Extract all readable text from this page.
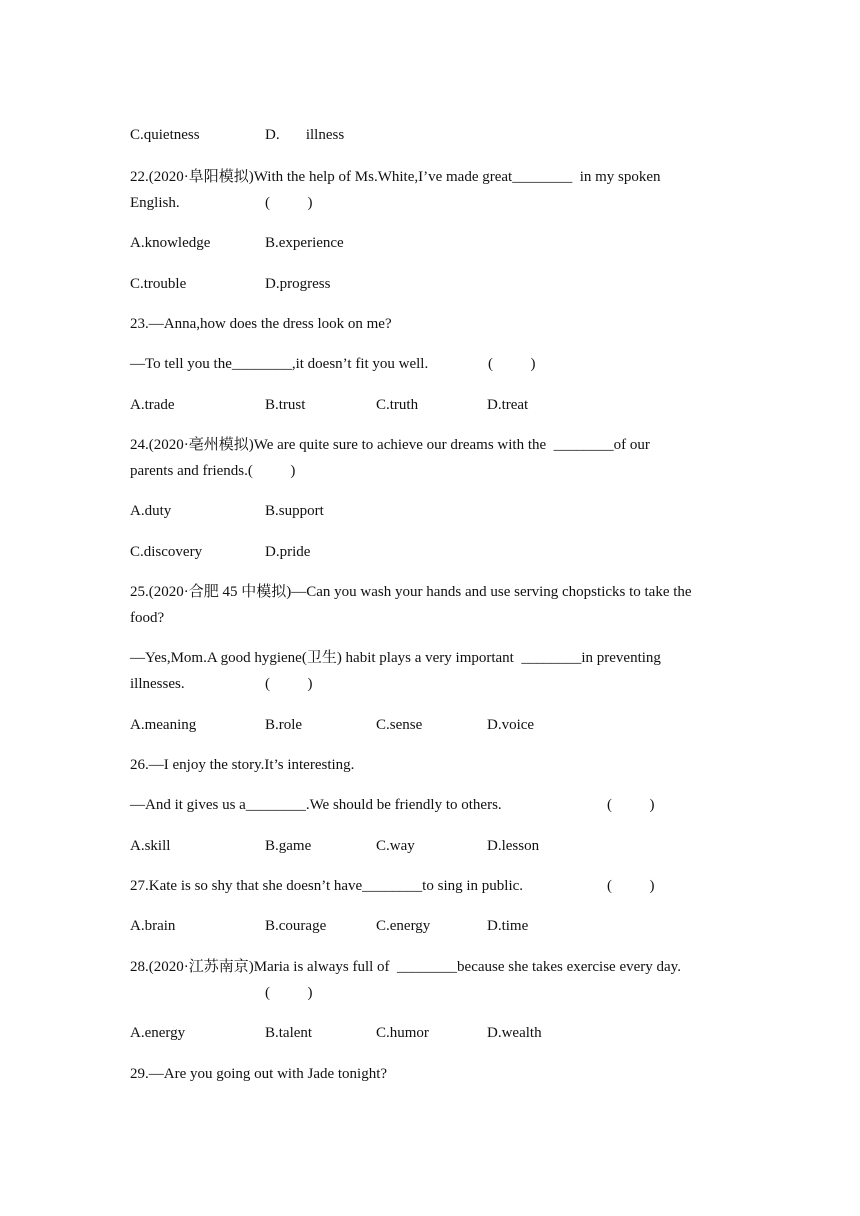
C.quietness	D.       illness
22.(2020·阜阳模拟)With the help of Ms.White,I’ve made great________  in my spoken
English.	(          )
A.knowledge	B.experience
C.trouble	D.progress
23.—Anna,how does the dress look on me?
—To tell you the________,it doesn’t fit you well.	(          )
A.trade	B.trust	C.truth	D.treat
24.(2020·亳州模拟)We are quite sure to achieve our dreams with the  ________of our
parents and friends.(          )
A.duty	B.support
C.discovery	D.pride
25.(2020·合肥 45 中模拟)—Can you wash your hands and use serving chopsticks to take the
food?
—Yes,Mom.A good hygiene(卫生) habit plays a very important  ________in preventing
illnesses.	(          )
A.meaning	B.role	C.sense	D.voice
26.—I enjoy the story.It’s interesting.
—And it gives us a________.We should be friendly to others.	(          )
A.skill	B.game	C.way	D.lesson
27.Kate is so shy that she doesn’t have________to sing in public.	(          )
A.brain	B.courage	C.energy	D.time
28.(2020·江苏南京)Maria is always full of  ________because she takes exercise every day.
(          )
A.energy	B.talent	C.humor	D.wealth
29.—Are you going out with Jade tonight?
